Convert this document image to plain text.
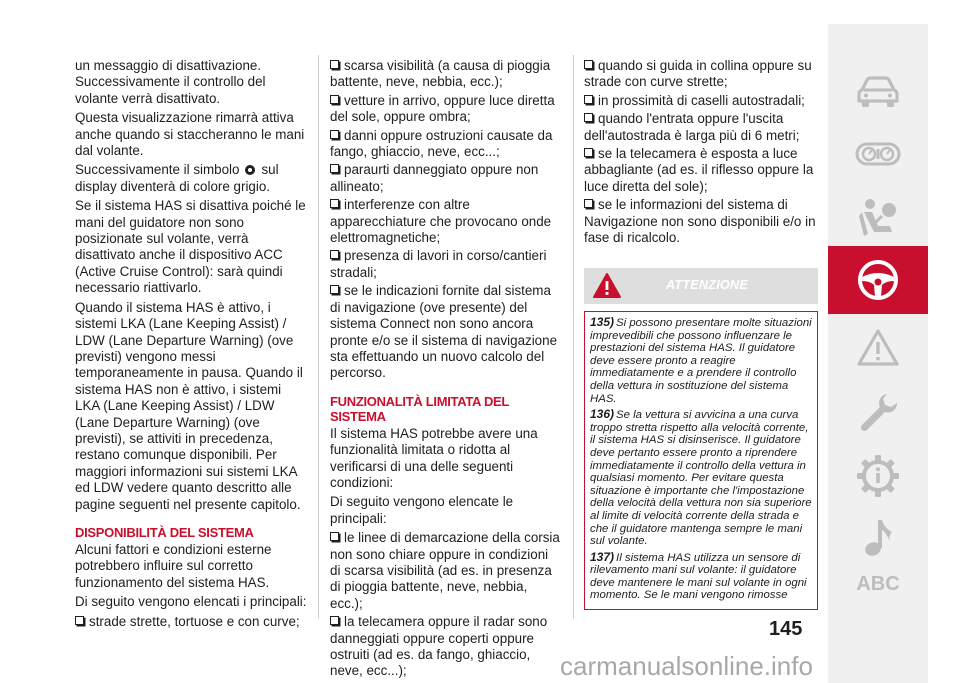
un messaggio di disattivazione. Successivamente il controllo del volante verrà disattivato.

Questa visualizzazione rimarrà attiva anche quando si staccheranno le mani dal volante.

Successivamente il simbolo sul display diventerà di colore grigio.

Se il sistema HAS si disattiva poiché le mani del guidatore non sono posizionate sul volante, verrà disattivato anche il dispositivo ACC (Active Cruise Control): sarà quindi necessario riattivarlo.

Quando il sistema HAS è attivo, i sistemi LKA (Lane Keeping Assist) / LDW (Lane Departure Warning) (ove previsti) vengono messi temporaneamente in pausa. Quando il sistema HAS non è attivo, i sistemi LKA (Lane Keeping Assist) / LDW (Lane Departure Warning) (ove previsti), se attiviti in precedenza, restano comunque disponibili. Per maggiori informazioni sui sistemi LKA ed LDW vedere quanto descritto alle pagine seguenti nel presente capitolo.

DISPONIBILITÀ DEL SISTEMA

Alcuni fattori e condizioni esterne potrebbero influire sul corretto funzionamento del sistema HAS.

Di seguito vengono elencati i principali:

strade strette, tortuose e con curve;
scarsa visibilità (a causa di pioggia battente, neve, nebbia, ecc.);
vetture in arrivo, oppure luce diretta del sole, oppure ombra;
danni oppure ostruzioni causate da fango, ghiaccio, neve, ecc...;
paraurti danneggiato oppure non allineato;
interferenze con altre apparecchiature che provocano onde elettromagnetiche;
presenza di lavori in corso/cantieri stradali;
se le indicazioni fornite dal sistema di navigazione (ove presente) del sistema Connect non sono ancora pronte e/o se il sistema di navigazione sta effettuando un nuovo calcolo del percorso.
FUNZIONALITÀ LIMITATA DEL SISTEMA

Il sistema HAS potrebbe avere una funzionalità limitata o ridotta al verificarsi di una delle seguenti condizioni:

Di seguito vengono elencate le principali:

le linee di demarcazione della corsia non sono chiare oppure in condizioni di scarsa visibilità (ad es. in presenza di pioggia battente, neve, nebbia, ecc.);
la telecamera oppure il radar sono danneggiati oppure coperti oppure ostruiti (ad es. da fango, ghiaccio, neve, ecc...);
quando si guida in collina oppure su strade con curve strette;
in prossimità di caselli autostradali;
quando l'entrata oppure l'uscita dell'autostrada è larga più di 6 metri;
se la telecamera è esposta a luce abbagliante (ad es. il riflesso oppure la luce diretta del sole);
se le informazioni del sistema di Navigazione non sono disponibili e/o in fase di ricalcolo.
ATTENZIONE

135) Si possono presentare molte situazioni imprevedibili che possono influenzare le prestazioni del sistema HAS. Il guidatore deve essere pronto a reagire immediatamente e a prendere il controllo della vettura in sostituzione del sistema HAS.

136) Se la vettura si avvicina a una curva troppo stretta rispetto alla velocità corrente, il sistema HAS si disinserisce. Il guidatore deve pertanto essere pronto a riprendere immediatamente il controllo della vettura in qualsiasi momento. Per evitare questa situazione è importante che l'impostazione della velocità della vettura non sia superiore al limite di velocità corrente della strada e che il guidatore mantenga sempre le mani sul volante.

137) Il sistema HAS utilizza un sensore di rilevamento mani sul volante: il guidatore deve mantenere le mani sul volante in ogni momento. Se le mani vengono rimosse

145
ABC
carmanualsonline.info
